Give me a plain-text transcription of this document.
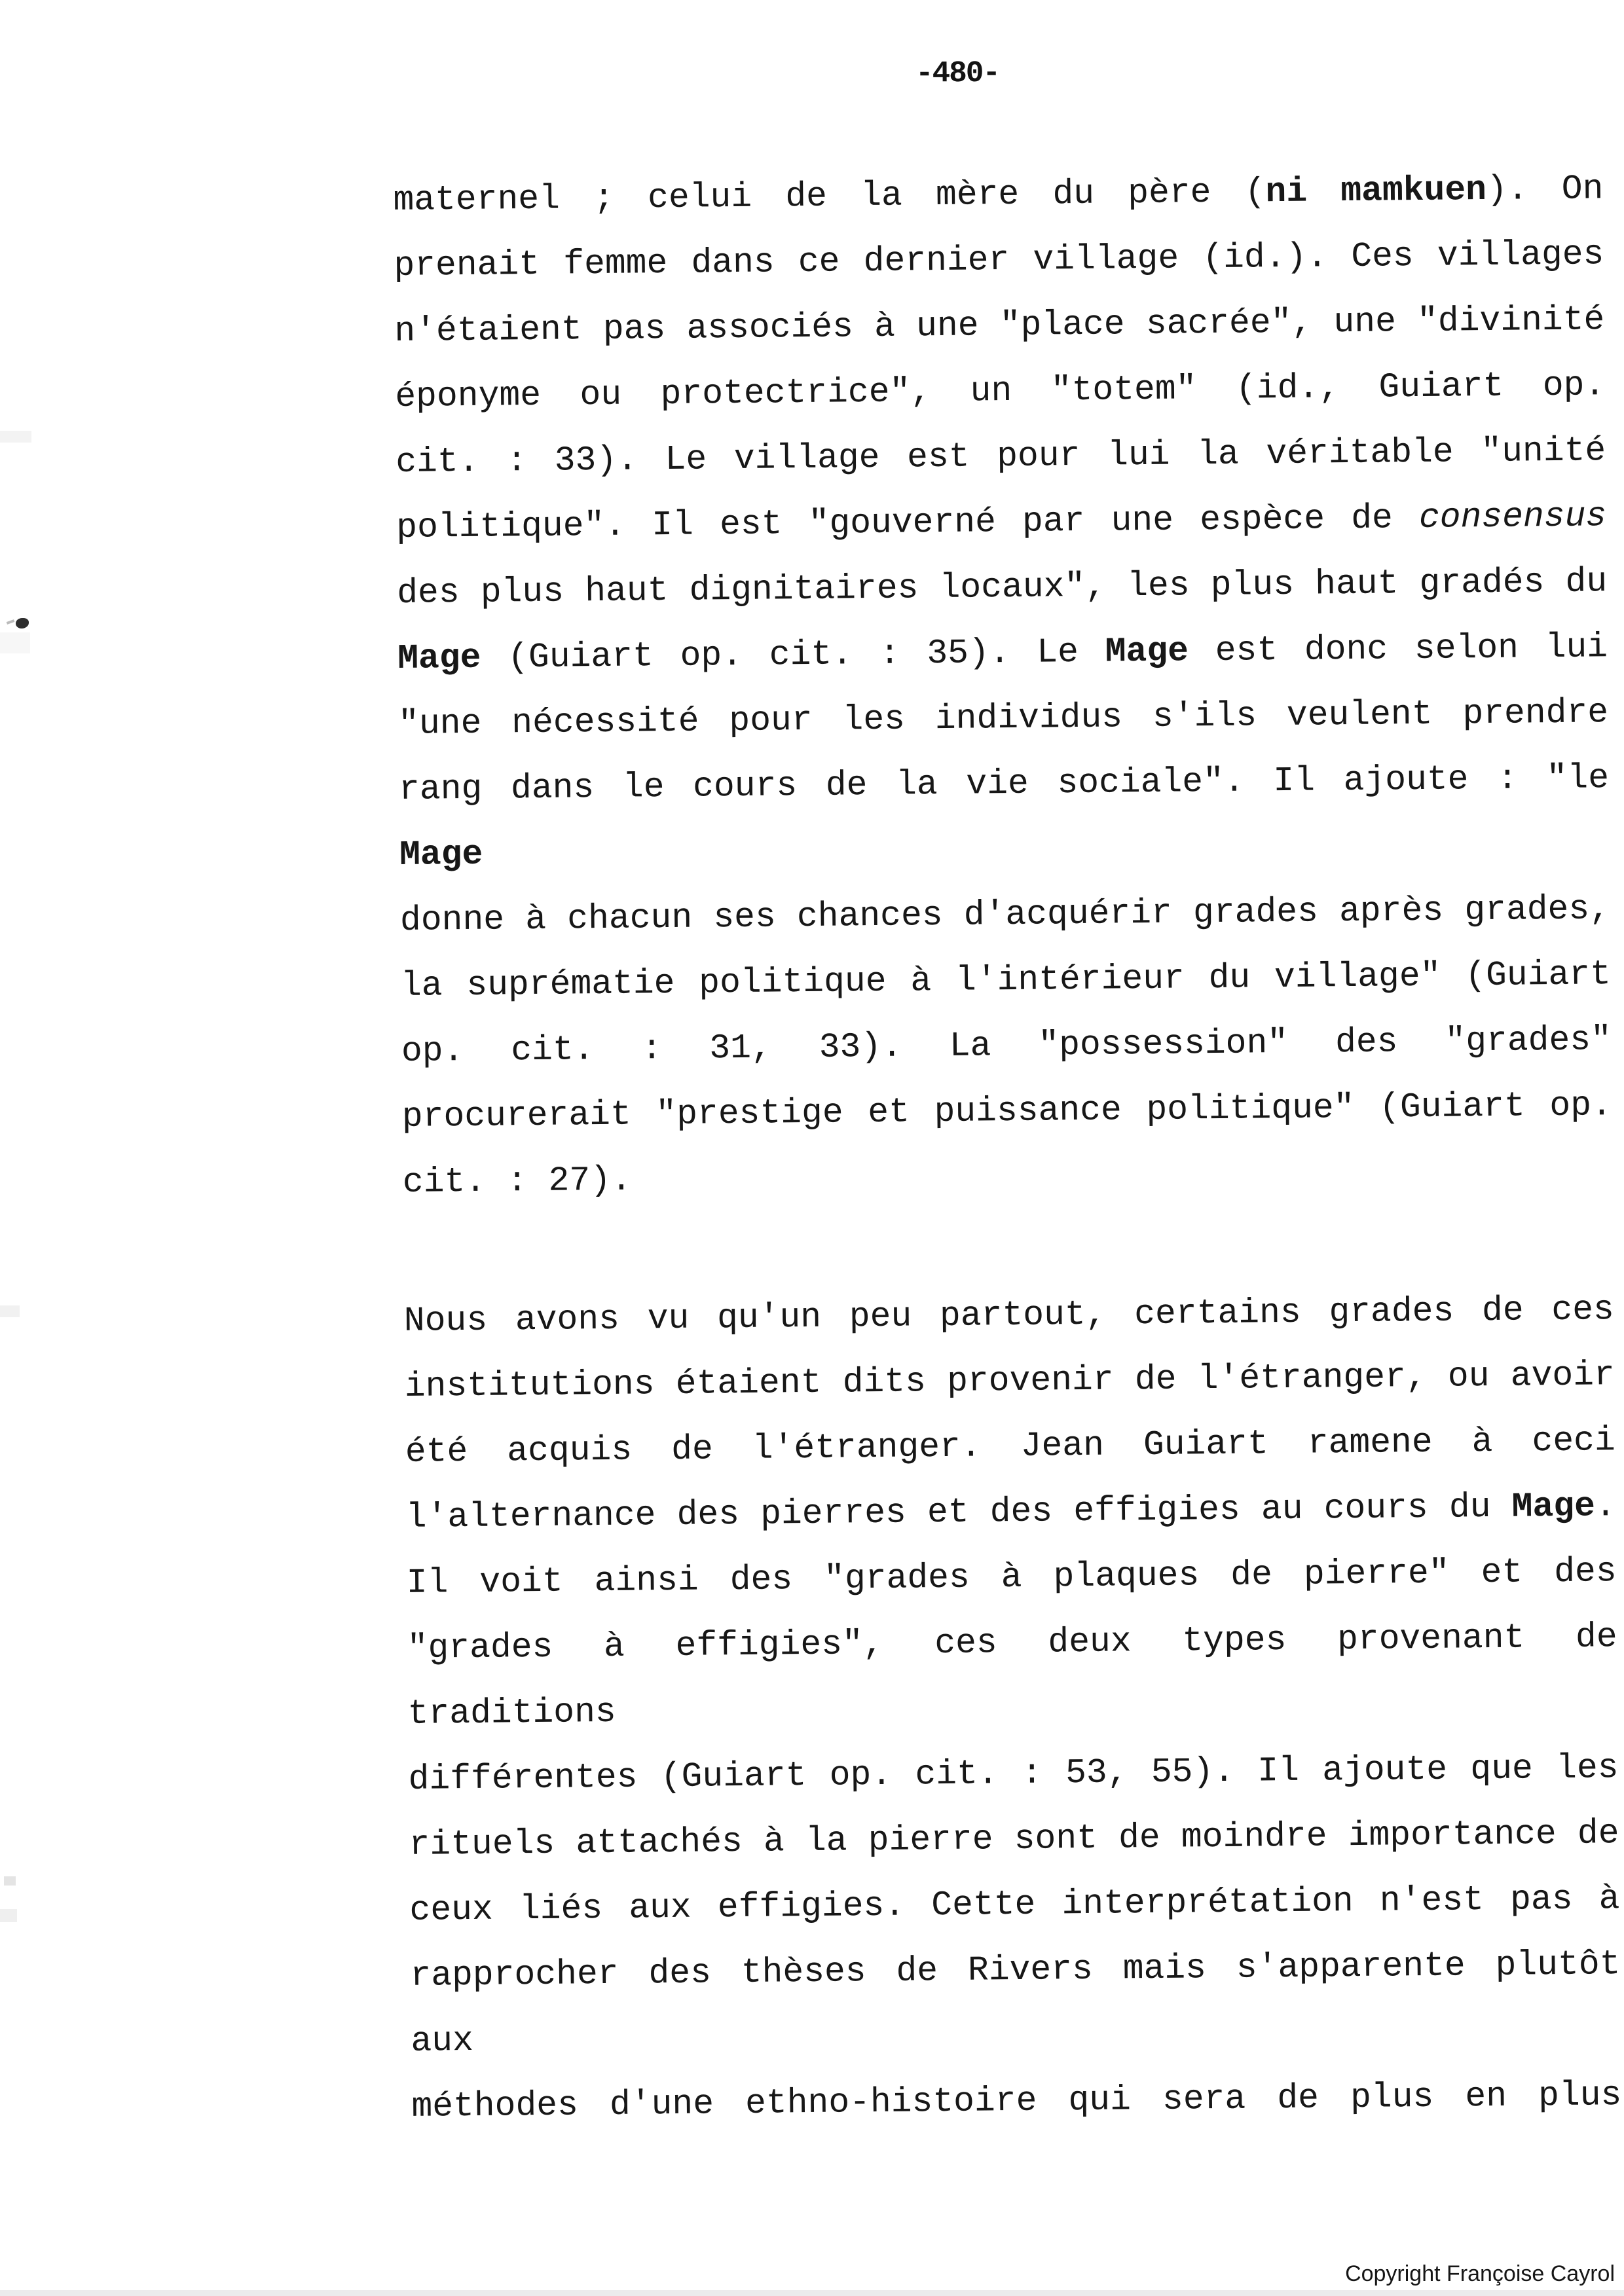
-480-
maternel ; celui de la mère du père (ni mamkuen). On
prenait femme dans ce dernier village (id.). Ces villages
n'étaient pas associés à une "place sacrée", une "divinité
éponyme ou protectrice", un "totem" (id., Guiart op.
cit. : 33). Le village est pour lui la véritable "unité
politique". Il est "gouverné par une espèce de consensus
des plus haut dignitaires locaux", les plus haut gradés du
Mage (Guiart op. cit. : 35). Le Mage est donc selon lui
"une nécessité pour les individus s'ils veulent prendre
rang dans le cours de la vie sociale". Il ajoute : "le Mage
donne à chacun ses chances d'acquérir grades après grades,
la suprématie politique à l'intérieur du village" (Guiart
op. cit. : 31, 33). La "possession" des "grades"
procurerait "prestige et puissance politique" (Guiart op.
cit. : 27).
Nous avons vu qu'un peu partout, certains grades de ces
institutions étaient dits provenir de l'étranger, ou avoir
été acquis de l'étranger. Jean Guiart ramene à ceci
l'alternance des pierres et des effigies au cours du Mage.
Il voit ainsi des "grades à plaques de pierre" et des
"grades à effigies", ces deux types provenant de traditions
différentes (Guiart op. cit. : 53, 55). Il ajoute que les
rituels attachés à la pierre sont de moindre importance de
ceux liés aux effigies. Cette interprétation n'est pas à
rapprocher des thèses de Rivers mais s'apparente plutôt aux
méthodes d'une ethno-histoire qui sera de plus en plus
Copyright Françoise Cayrol
